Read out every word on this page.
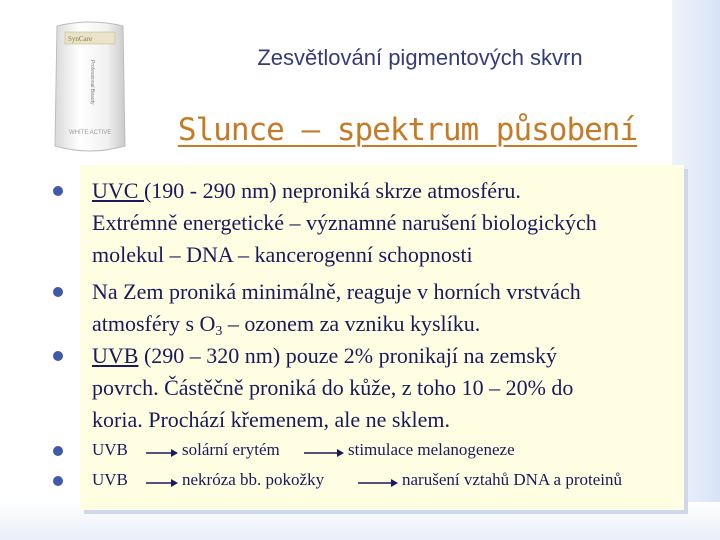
SynCare
Professional Beauty
WHITE ACTIVE
Zesvětlování pigmentových skvrn
Slunce – spektrum působení
UVC (190 - 290 nm) neproniká skrze atmosféru.
Extrémně energetické – významné narušení biologických
molekul – DNA – kancerogenní schopnosti
Na Zem proniká minimálně, reaguje v horních vrstvách
atmosféry s $O_3$ – ozonem za vzniku kyslíku.
UVB (290 – 320 nm) pouze 2% pronikají na zemský
povrch. Částěčně proniká do kůže, z toho 10 – 20% do
koria. Prochází křemenem, ale ne sklem.
UVB	solární erytém	stimulace melanogeneze
UVB	nekróza bb. pokožky	narušení vztahů DNA a proteinů
